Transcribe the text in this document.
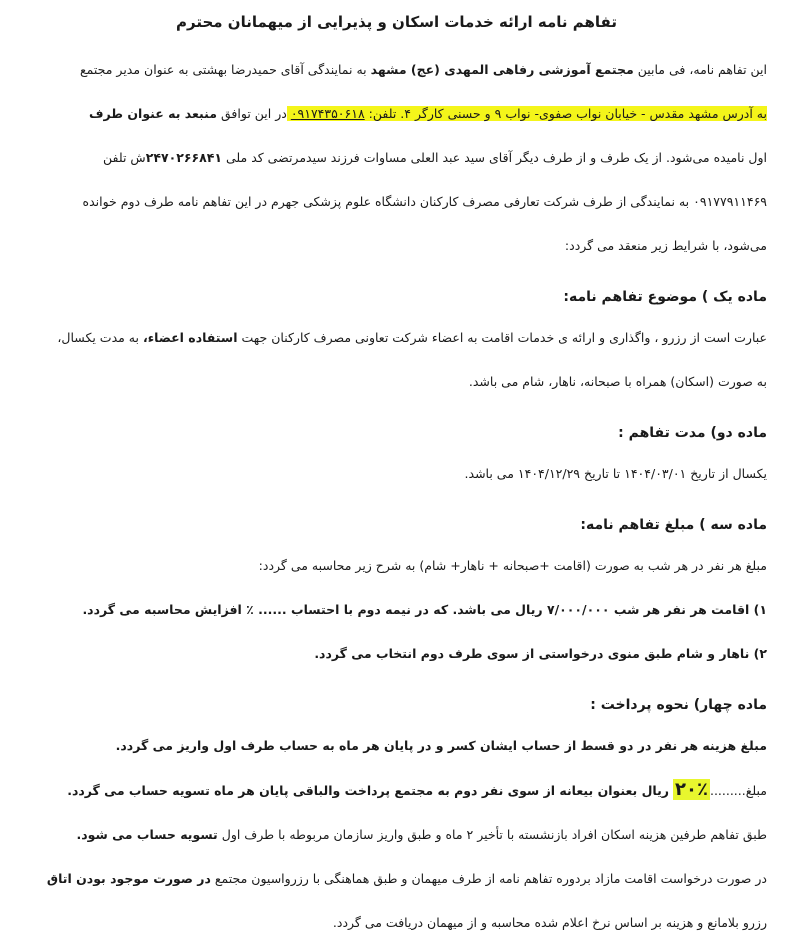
تفاهم نامه ارائه خدمات اسکان و پذیرایی از میهمانان محترم
این تفاهم نامه، فی مابین مجتمع آموزشی رفاهی المهدی (عج) مشهد به نمایندگی آقای حمیدرضا بهشتی به عنوان مدیر مجتمع
به آدرس مشهد مقدس - خیابان نواب صفوی- نواب ۹ و حسنی کارگر ۴. تلفن: ۰۹۱۷۴۳۵۰۶۱۸ در این توافق منبعد به عنوان طرف
اول نامیده می‌شود. از یک طرف و از طرف دیگر آقای سید عبد العلی مساوات فرزند سیدمرتضی کد ملی ۲۴۷۰۲۶۶۸۴۱ش تلفن
۰۹۱۷۷۹۱۱۴۶۹ به نمایندگی از طرف شرکت تعارفی مصرف کارکنان دانشگاه علوم پزشکی جهرم در این تفاهم نامه طرف دوم خوانده
می‌شود، با شرایط زیر منعقد می گردد:
ماده یک ) موضوع تفاهم نامه:
عبارت است از رزرو ، واگذاری و ارائه ی خدمات اقامت به اعضاء شرکت تعاونی مصرف کارکنان جهت استفاده اعضاء، به مدت یکسال،
به صورت (اسکان) همراه با صبحانه، ناهار، شام می باشد.
ماده دو) مدت تفاهم :
یکسال از تاریخ ۱۴۰۴/۰۳/۰۱ تا تاریخ ۱۴۰۴/۱۲/۲۹ می باشد.
ماده سه ) مبلغ تفاهم نامه:
مبلغ هر نفر در هر شب به صورت (اقامت +صبحانه + ناهار+ شام) به شرح زیر محاسبه می گردد:
۱) اقامت هر نفر هر شب ۷/۰۰۰/۰۰۰ ریال می باشد. که در نیمه دوم با احتساب ...... ٪ افزایش محاسبه می گردد.
۲) ناهار و شام طبق منوی درخواستی از سوی طرف دوم انتخاب می گردد.
ماده چهار) نحوه پرداخت :
مبلغ هزینه هر نفر در دو قسط از حساب ایشان کسر و در پایان هر ماه به حساب طرف اول واریز می گردد.
مبلغ.........٪۲۰ ریال بعنوان بیعانه از سوی نفر دوم به مجتمع پرداخت والباقی پایان هر ماه تسویه حساب می گردد.
طبق تفاهم طرفین هزینه اسکان افراد بازنشسته با تأخیر ۲ ماه و طبق واریز سازمان مربوطه با طرف اول تسویه حساب می شود.
در صورت درخواست اقامت مازاد بردوره تفاهم نامه از طرف میهمان و طبق هماهنگی با رزرواسیون مجتمع در صورت موجود بودن اتاق
رزرو بلامانع و هزینه بر اساس نرخ اعلام شده محاسبه و از میهمان دریافت می گردد.
